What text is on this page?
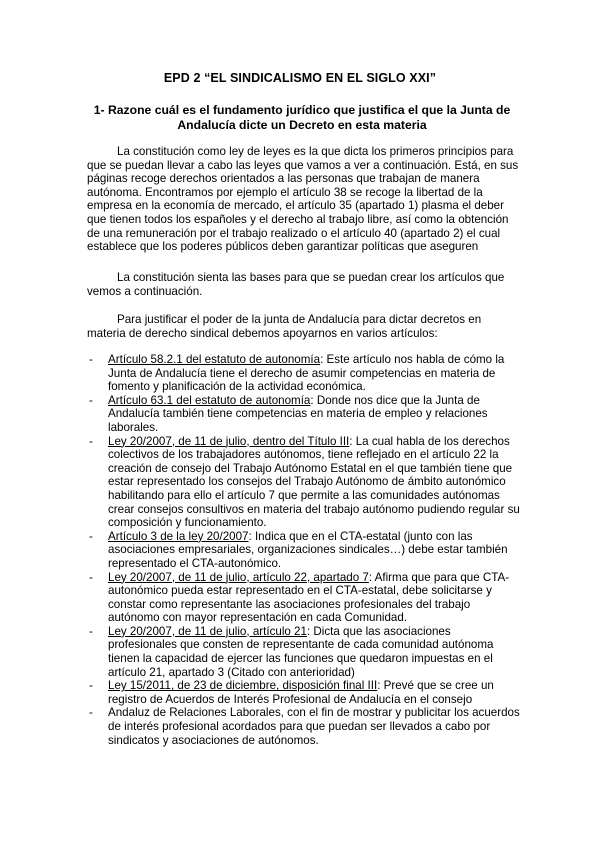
EPD 2 “EL SINDICALISMO EN EL SIGLO XXI”
1- Razone cuál es el fundamento jurídico que justifica el que la Junta de Andalucía dicte un Decreto en esta materia

La constitución como ley de leyes es la que dicta los primeros principios para que se puedan llevar a cabo las leyes que vamos a ver a continuación. Está, en sus páginas recoge derechos orientados a las personas que trabajan de manera autónoma. Encontramos por ejemplo el artículo 38 se recoge la libertad de la empresa en la economía de mercado, el artículo 35 (apartado 1) plasma el deber que tienen todos los españoles y el derecho al trabajo libre, así como la obtención de una remuneración por el trabajo realizado o el artículo 40 (apartado 2) el cual establece que los poderes públicos deben garantizar políticas que aseguren

La constitución sienta las bases para que se puedan crear los artículos que vemos a continuación.

Para justificar el poder de la junta de Andalucía para dictar decretos en materia de derecho sindical debemos apoyarnos en varios artículos:

- Artículo 58.2.1 del estatuto de autonomía: Este artículo nos habla de cómo la Junta de Andalucía tiene el derecho de asumir competencias en materia de fomento y planificación de la actividad económica.
- Artículo 63.1 del estatuto de autonomía: Donde nos dice que la Junta de Andalucía también tiene competencias en materia de empleo y relaciones laborales.
- Ley 20/2007, de 11 de julio, dentro del Título III: La cual habla de los derechos colectivos de los trabajadores autónomos, tiene reflejado en el artículo 22 la creación de consejo del Trabajo Autónomo Estatal en el que también tiene que estar representado los consejos del Trabajo Autónomo de ámbito autonómico habilitando para ello el artículo 7 que permite a las comunidades autónomas crear consejos consultivos en materia del trabajo autónomo pudiendo regular su composición y funcionamiento.
- Artículo 3 de la ley 20/2007: Indica que en el CTA-estatal (junto con las asociaciones empresariales, organizaciones sindicales…) debe estar también representado el CTA-autonómico.
- Ley 20/2007, de 11 de julio, artículo 22, apartado 7: Afirma que para que CTA- autonómico pueda estar representado en el CTA-estatal, debe solicitarse y constar como representante las asociaciones profesionales del trabajo autónomo con mayor representación en cada Comunidad.
- Ley 20/2007, de 11 de julio, artículo 21: Dicta que las asociaciones profesionales que consten de representante de cada comunidad autónoma tienen la capacidad de ejercer las funciones que quedaron impuestas en el artículo 21, apartado 3 (Citado con anterioridad)
- Ley 15/2011, de 23 de diciembre, disposición final III: Prevé que se cree un registro de Acuerdos de Interés Profesional de Andalucía en el consejo
- Andaluz de Relaciones Laborales, con el fin de mostrar y publicitar los acuerdos de interés profesional acordados para que puedan ser llevados a cabo por sindicatos y asociaciones de autónomos.
